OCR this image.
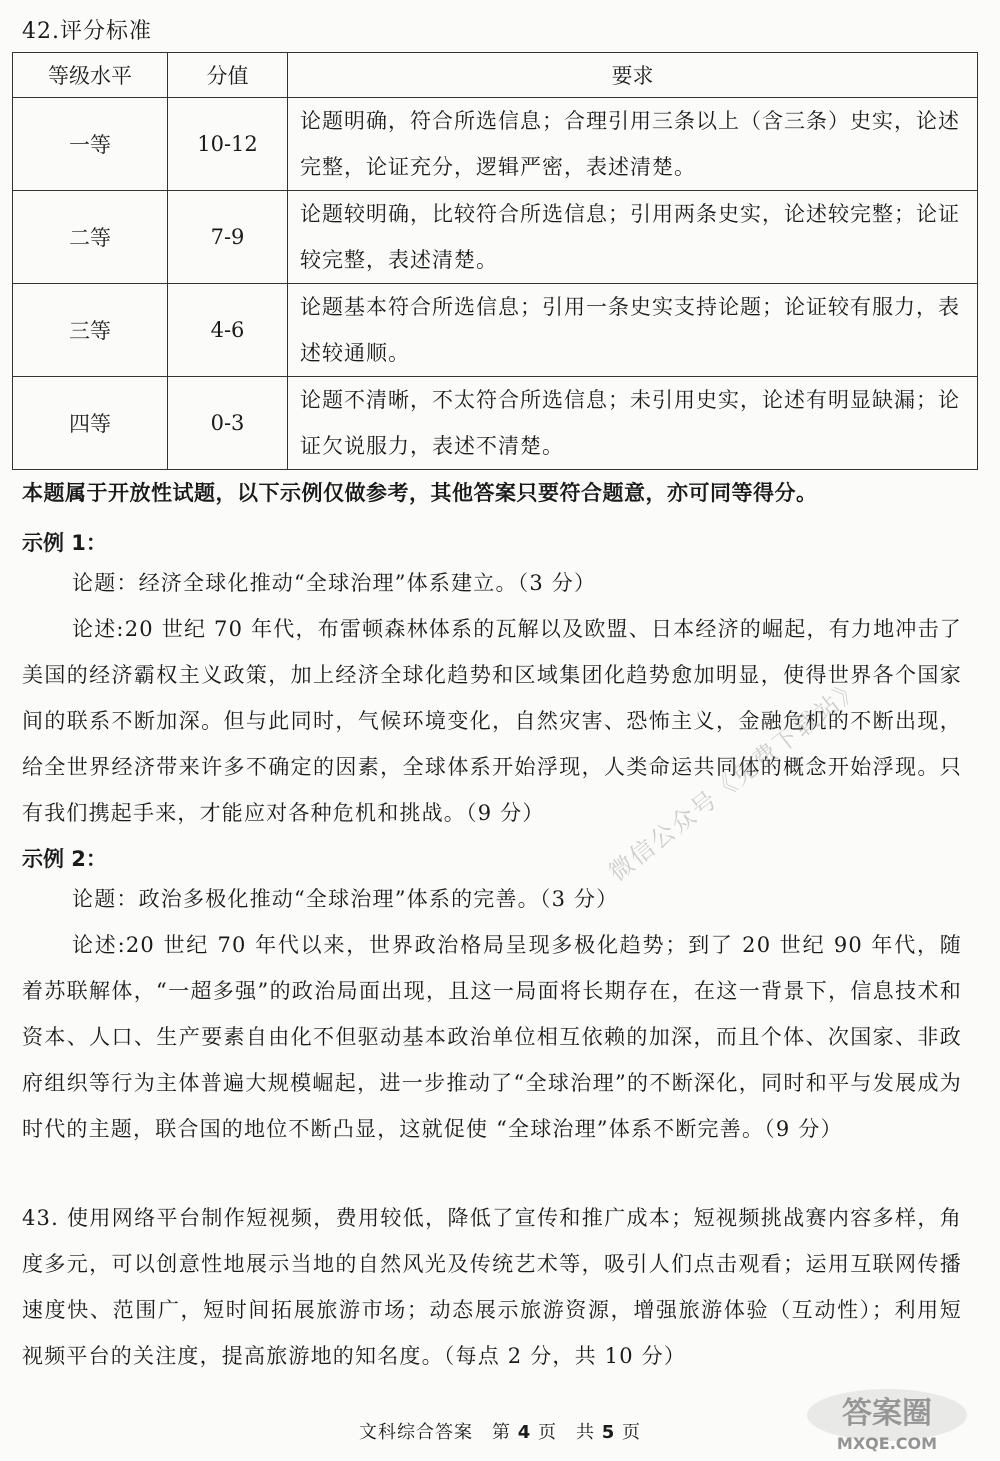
42.评分标准
等级水平	分值	要求
一等	10-12	论题明确，符合所选信息；合理引用三条以上（含三条）史实，论述完整，论证充分，逻辑严密，表述清楚。
二等	7-9	论题较明确，比较符合所选信息；引用两条史实，论述较完整；论证较完整，表述清楚。
三等	4-6	论题基本符合所选信息；引用一条史实支持论题；论证较有服力，表述较通顺。
四等	0-3	论题不清晰，不太符合所选信息；未引用史实，论述有明显缺漏；论证欠说服力，表述不清楚。
本题属于开放性试题，以下示例仅做参考，其他答案只要符合题意，亦可同等得分。
示例 1：
论题：经济全球化推动“全球治理”体系建立。（3 分）
论述:20 世纪 70 年代，布雷顿森林体系的瓦解以及欧盟、日本经济的崛起，有力地冲击了美国的经济霸权主义政策，加上经济全球化趋势和区域集团化趋势愈加明显，使得世界各个国家间的联系不断加深。但与此同时，气候环境变化，自然灾害、恐怖主义，金融危机的不断出现，给全世界经济带来许多不确定的因素，全球体系开始浮现，人类命运共同体的概念开始浮现。只有我们携起手来，才能应对各种危机和挑战。（9 分）
示例 2：
论题：政治多极化推动“全球治理”体系的完善。（3 分）
论述:20 世纪 70 年代以来，世界政治格局呈现多极化趋势；到了 20 世纪 90 年代，随着苏联解体，“一超多强”的政治局面出现，且这一局面将长期存在，在这一背景下，信息技术和资本、人口、生产要素自由化不但驱动基本政治单位相互依赖的加深，而且个体、次国家、非政府组织等行为主体普遍大规模崛起，进一步推动了“全球治理”的不断深化，同时和平与发展成为时代的主题，联合国的地位不断凸显，这就促使 “全球治理”体系不断完善。（9 分）
43. 使用网络平台制作短视频，费用较低，降低了宣传和推广成本；短视频挑战赛内容多样，角度多元，可以创意性地展示当地的自然风光及传统艺术等，吸引人们点击观看；运用互联网传播速度快、范围广，短时间拓展旅游市场；动态展示旅游资源，增强旅游体验（互动性）；利用短视频平台的关注度，提高旅游地的知名度。（每点 2 分，共 10 分）
文科综合答案　第 4 页　共 5 页
微信公众号《免费下载站》
答案圈
MXQE.COM
